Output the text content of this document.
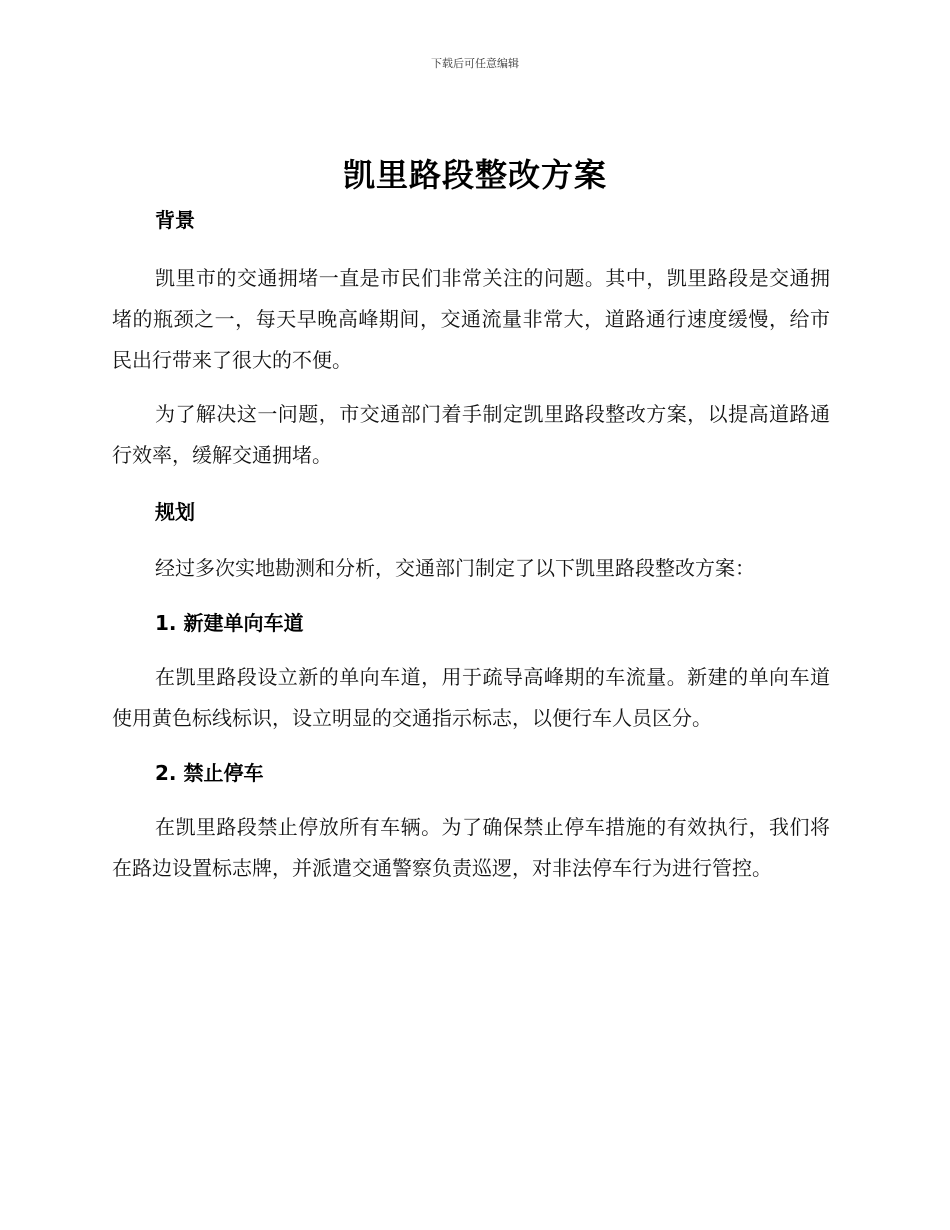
下载后可任意编辑
凯里路段整改方案

背景

凯里市的交通拥堵一直是市民们非常关注的问题。其中，凯里路段是交通拥堵的瓶颈之一，每天早晚高峰期间，交通流量非常大，道路通行速度缓慢，给市民出行带来了很大的不便。

为了解决这一问题，市交通部门着手制定凯里路段整改方案，以提高道路通行效率，缓解交通拥堵。

规划

经过多次实地勘测和分析，交通部门制定了以下凯里路段整改方案：

1. 新建单向车道

在凯里路段设立新的单向车道，用于疏导高峰期的车流量。新建的单向车道使用黄色标线标识，设立明显的交通指示标志，以便行车人员区分。

2. 禁止停车

在凯里路段禁止停放所有车辆。为了确保禁止停车措施的有效执行，我们将在路边设置标志牌，并派遣交通警察负责巡逻，对非法停车行为进行管控。
